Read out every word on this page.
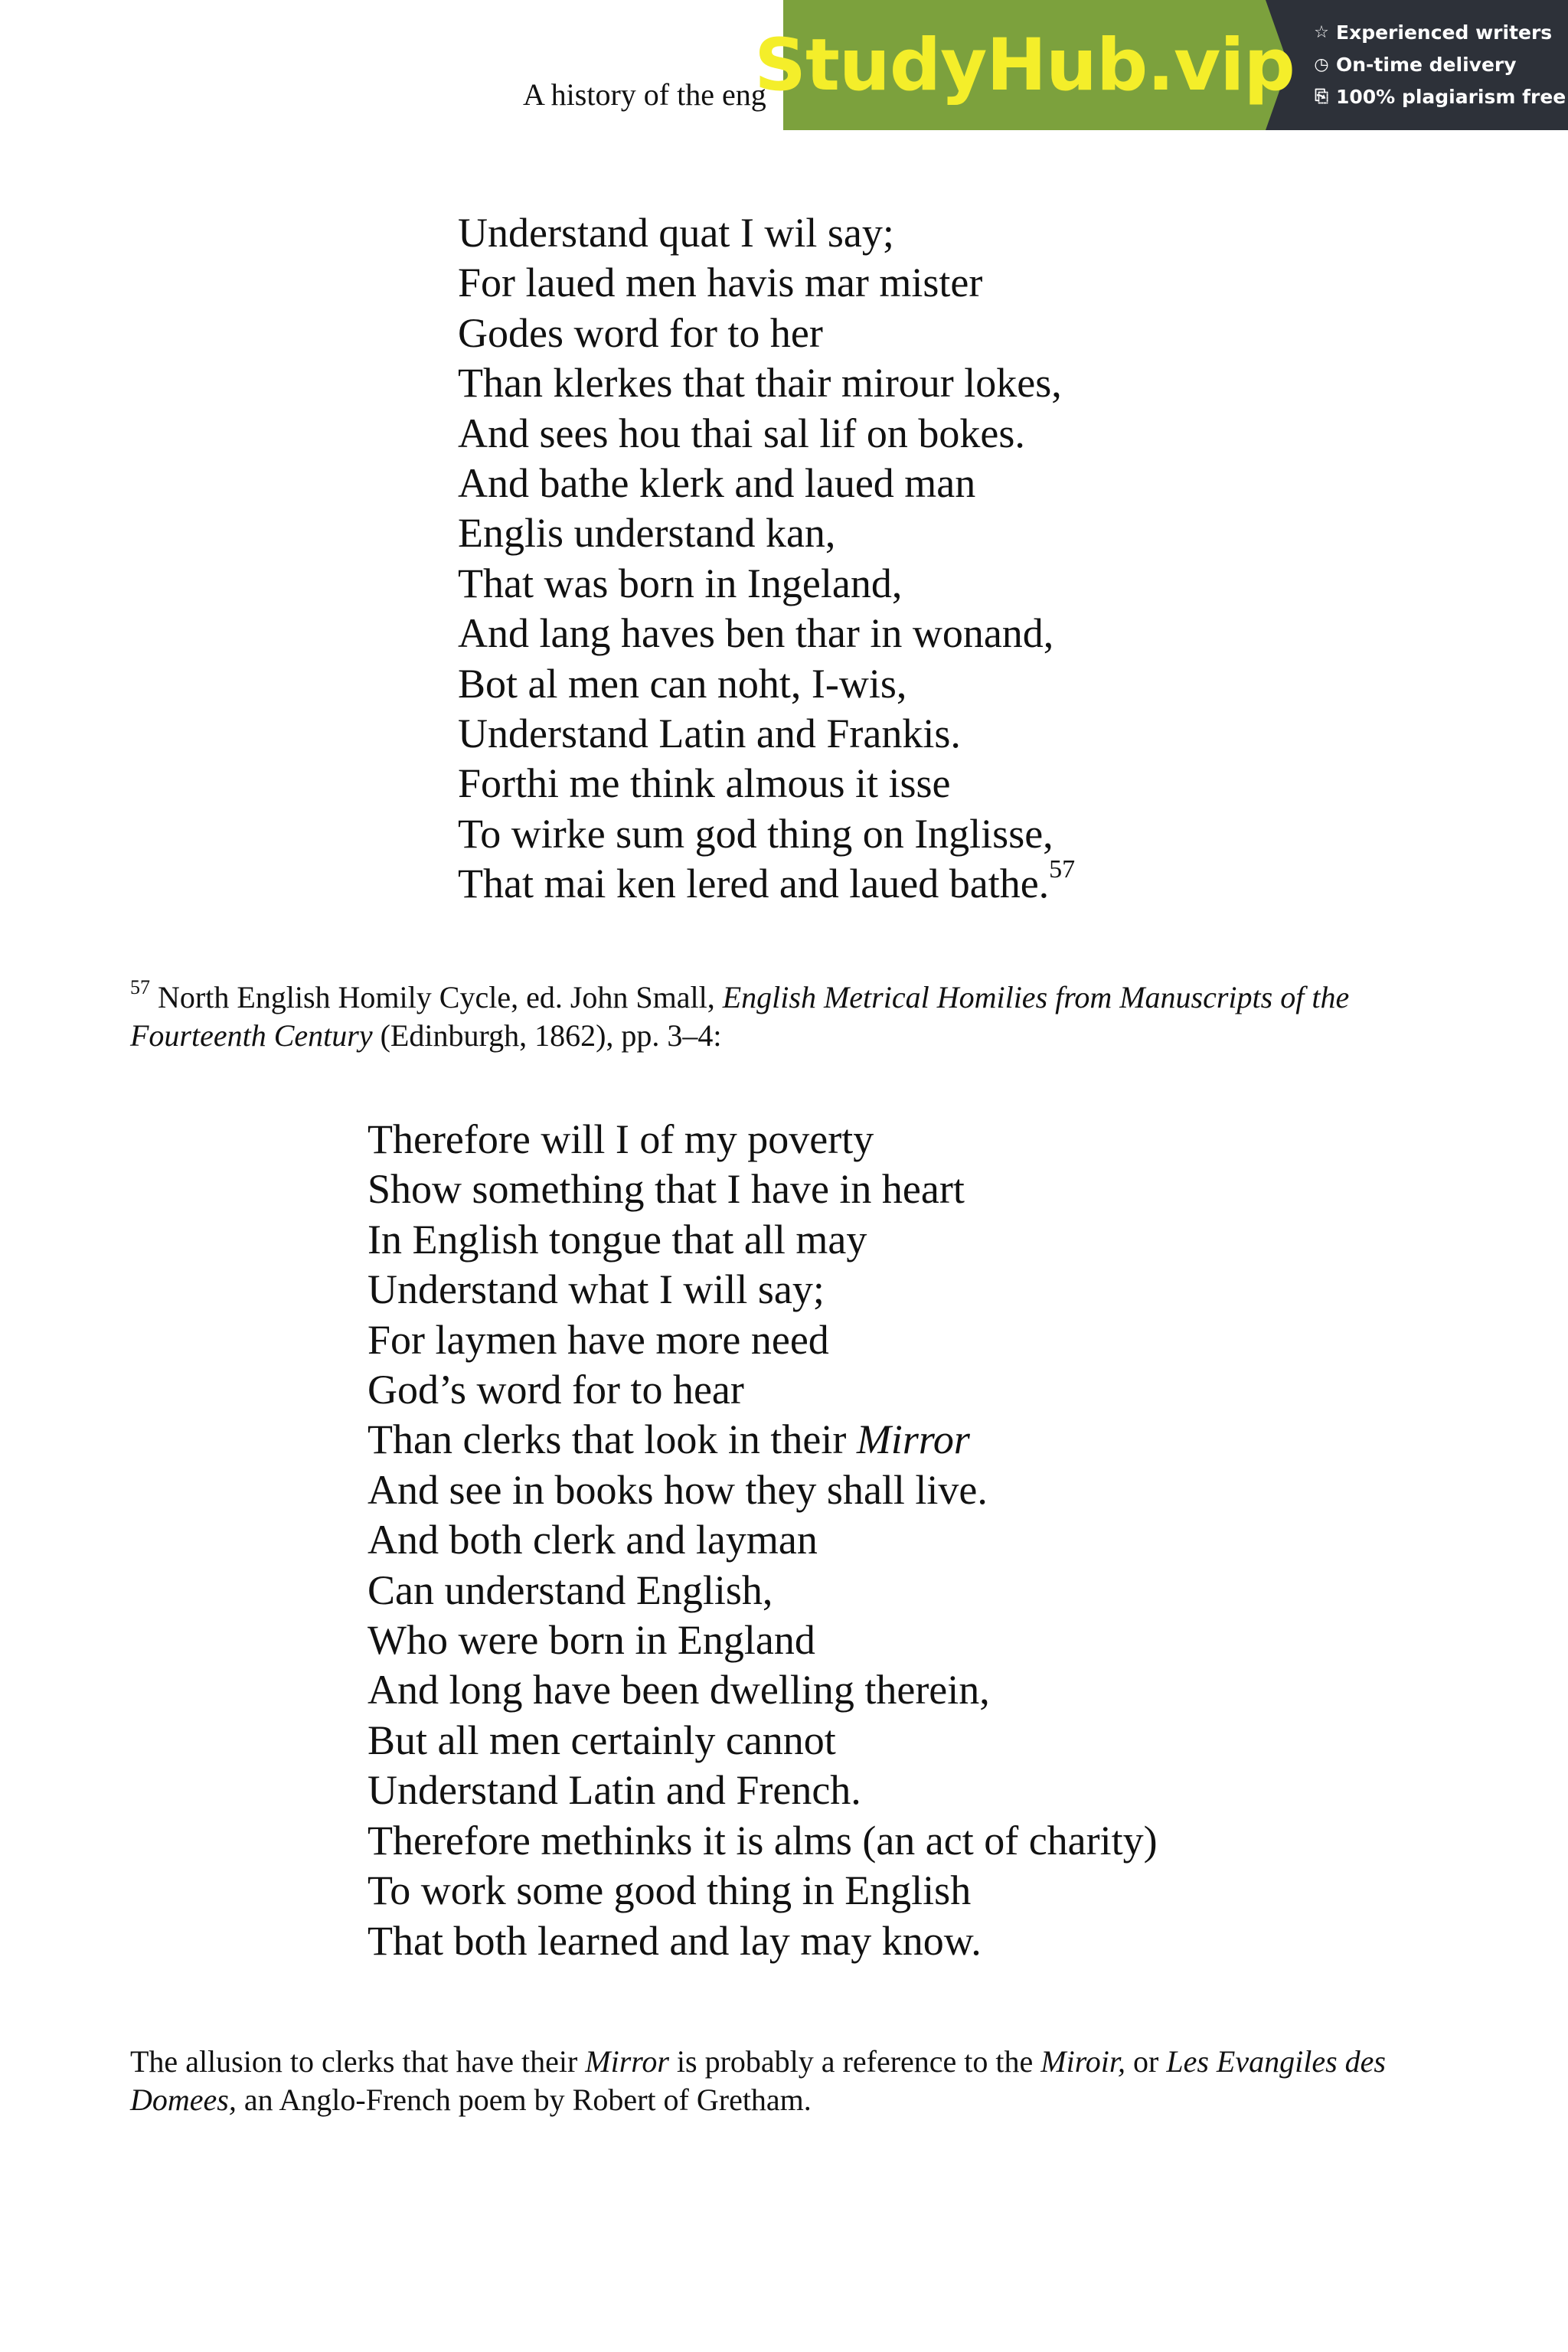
A history of the eng
StudyHub.vip ☆ Experienced writers
◷ On-time delivery
⎘ 100% plagiarism free
Understand quat I wil say;
For laued men havis mar mister
Godes word for to her
Than klerkes that thair mirour lokes,
And sees hou thai sal lif on bokes.
And bathe klerk and laued man
Englis understand kan,
That was born in Ingeland,
And lang haves ben thar in wonand,
Bot al men can noht, I-wis,
Understand Latin and Frankis.
Forthi me think almous it isse
To wirke sum god thing on Inglisse,
That mai ken lered and laued bathe.$^{57}$
$^{57}$ North English Homily Cycle, ed. John Small, English Metrical Homilies from Manuscripts of the Fourteenth Century (Edinburgh, 1862), pp. 3–4:
Therefore will I of my poverty
Show something that I have in heart
In English tongue that all may
Understand what I will say;
For laymen have more need
God’s word for to hear
Than clerks that look in their Mirror
And see in books how they shall live.
And both clerk and layman
Can understand English,
Who were born in England
And long have been dwelling therein,
But all men certainly cannot
Understand Latin and French.
Therefore methinks it is alms (an act of charity)
To work some good thing in English
That both learned and lay may know.
The allusion to clerks that have their Mirror is probably a reference to the Miroir, or Les Evangiles des Domees, an Anglo-French poem by Robert of Gretham.
